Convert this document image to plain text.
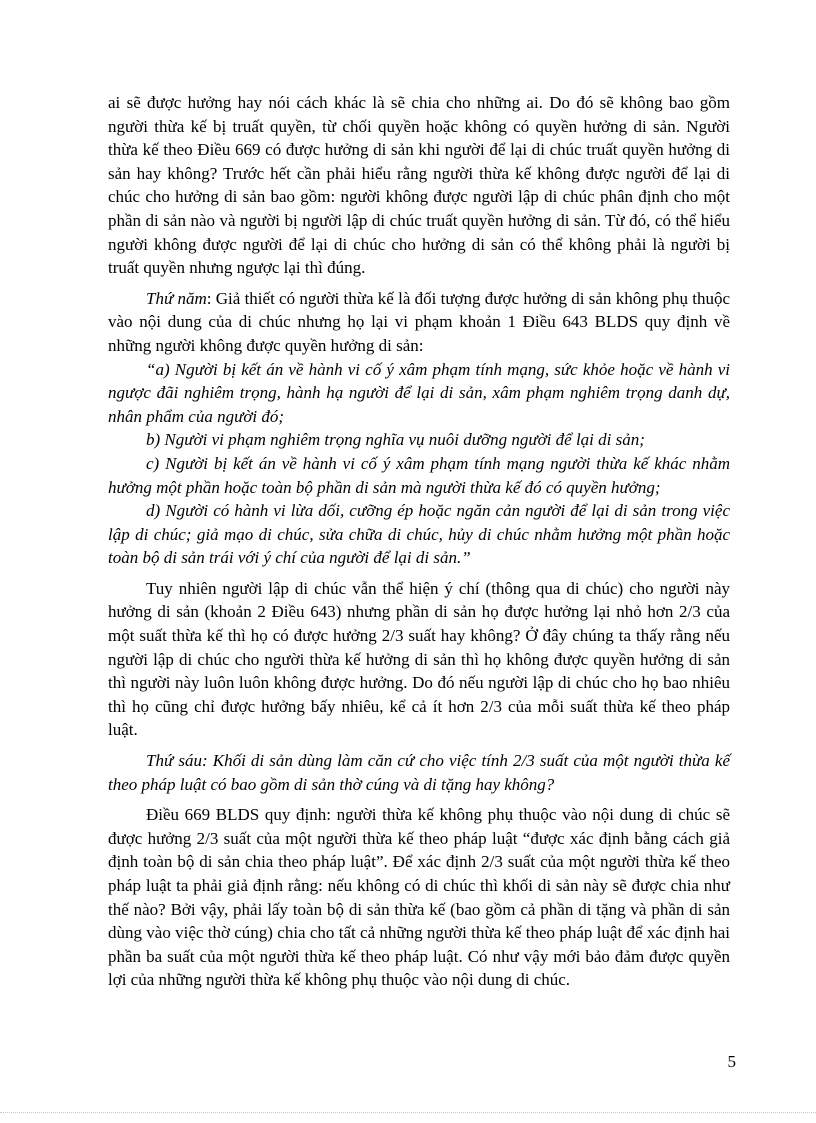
ai sẽ được hưởng hay nói cách khác là sẽ chia cho những ai. Do đó sẽ không bao gồm người thừa kế bị truất quyền, từ chối quyền hoặc không có quyền hưởng di sản. Người thừa kế theo Điều 669 có được hưởng di sản khi người để lại di chúc truất quyền hưởng di sản hay không? Trước hết cần phải hiểu rằng người thừa kế không được người để lại di chúc cho hưởng di sản bao gồm: người không được người lập di chúc phân định cho một phần di sản nào và người bị người lập di chúc truất quyền hưởng di sản. Từ đó, có thể hiểu người không được người để lại di chúc cho hưởng di sản có thể không phải là người bị truất quyền nhưng ngược lại thì đúng.

Thứ năm: Giả thiết có người thừa kế là đối tượng được hưởng di sản không phụ thuộc vào nội dung của di chúc nhưng họ lại vi phạm khoản 1 Điều 643 BLDS quy định về những người không được quyền hưởng di sản:

“a) Người bị kết án về hành vi cố ý xâm phạm tính mạng, sức khỏe hoặc về hành vi ngược đãi nghiêm trọng, hành hạ người để lại di sản, xâm phạm nghiêm trọng danh dự, nhân phẩm của người đó;

b) Người vi phạm nghiêm trọng nghĩa vụ nuôi dưỡng người để lại di sản;

c) Người bị kết án về hành vi cố ý xâm phạm tính mạng người thừa kế khác nhằm hưởng một phần hoặc toàn bộ phần di sản mà người thừa kế đó có quyền hưởng;

d) Người có hành vi lừa dối, cưỡng ép hoặc ngăn cản người để lại di sản trong việc lập di chúc; giả mạo di chúc, sửa chữa di chúc, hủy di chúc nhằm hưởng một phần hoặc toàn bộ di sản trái với ý chí của người để lại di sản.”

Tuy nhiên người lập di chúc vẫn thể hiện ý chí (thông qua di chúc) cho người này hưởng di sản (khoản 2 Điều 643) nhưng phần di sản họ được hưởng lại nhỏ hơn 2/3 của một suất thừa kế thì họ có được hưởng 2/3 suất hay không? Ở đây chúng ta thấy rằng nếu người lập di chúc cho người thừa kế hưởng di sản thì họ không được quyền hưởng di sản thì người này luôn luôn không được hưởng. Do đó nếu người lập di chúc cho họ bao nhiêu thì họ cũng chỉ được hưởng bấy nhiêu, kể cả ít hơn 2/3 của mỗi suất thừa kế theo pháp luật.

Thứ sáu: Khối di sản dùng làm căn cứ cho việc tính 2/3 suất của một người thừa kế theo pháp luật có bao gồm di sản thờ cúng và di tặng hay không?

Điều 669 BLDS quy định: người thừa kế không phụ thuộc vào nội dung di chúc sẽ được hưởng 2/3 suất của một người thừa kế theo pháp luật “được xác định bằng cách giả định toàn bộ di sản chia theo pháp luật”. Để xác định 2/3 suất của một người thừa kế theo pháp luật ta phải giả định rằng: nếu không có di chúc thì khối di sản này sẽ được chia như thế nào? Bởi vậy, phải lấy toàn bộ di sản thừa kế (bao gồm cả phần di tặng và phần di sản dùng vào việc thờ cúng) chia cho tất cả những người thừa kế theo pháp luật để xác định hai phần ba suất của một người thừa kế theo pháp luật. Có như vậy mới bảo đảm được quyền lợi của những người thừa kế không phụ thuộc vào nội dung di chúc.

5
